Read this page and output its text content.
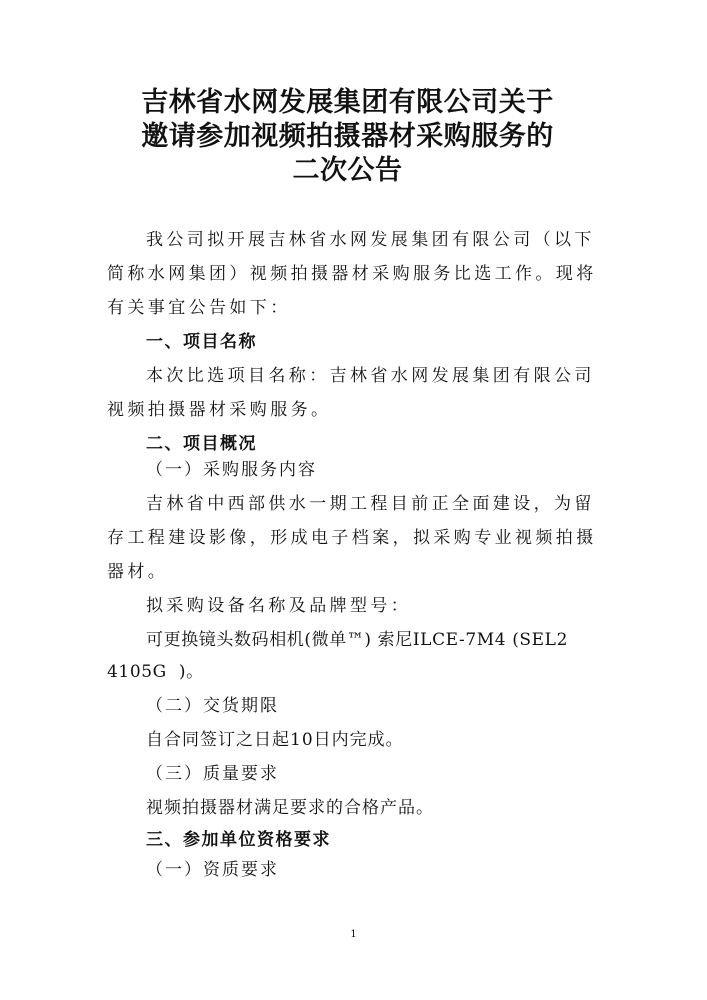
吉林省水网发展集团有限公司关于
邀请参加视频拍摄器材采购服务的
二次公告
我公司拟开展吉林省水网发展集团有限公司（以下
简称水网集团）视频拍摄器材采购服务比选工作。现将
有关事宜公告如下：
一、项目名称
本次比选项目名称：吉林省水网发展集团有限公司
视频拍摄器材采购服务。
二、项目概况
（一）采购服务内容
吉林省中西部供水一期工程目前正全面建设，为留
存工程建设影像，形成电子档案，拟采购专业视频拍摄
器材。
拟采购设备名称及品牌型号：
可更换镜头数码相机(微单™) 索尼ILCE-7M4 (SEL2
4105G  )。
（二）交货期限
自合同签订之日起10日内完成。
（三）质量要求
视频拍摄器材满足要求的合格产品。
三、参加单位资格要求
（一）资质要求
1
